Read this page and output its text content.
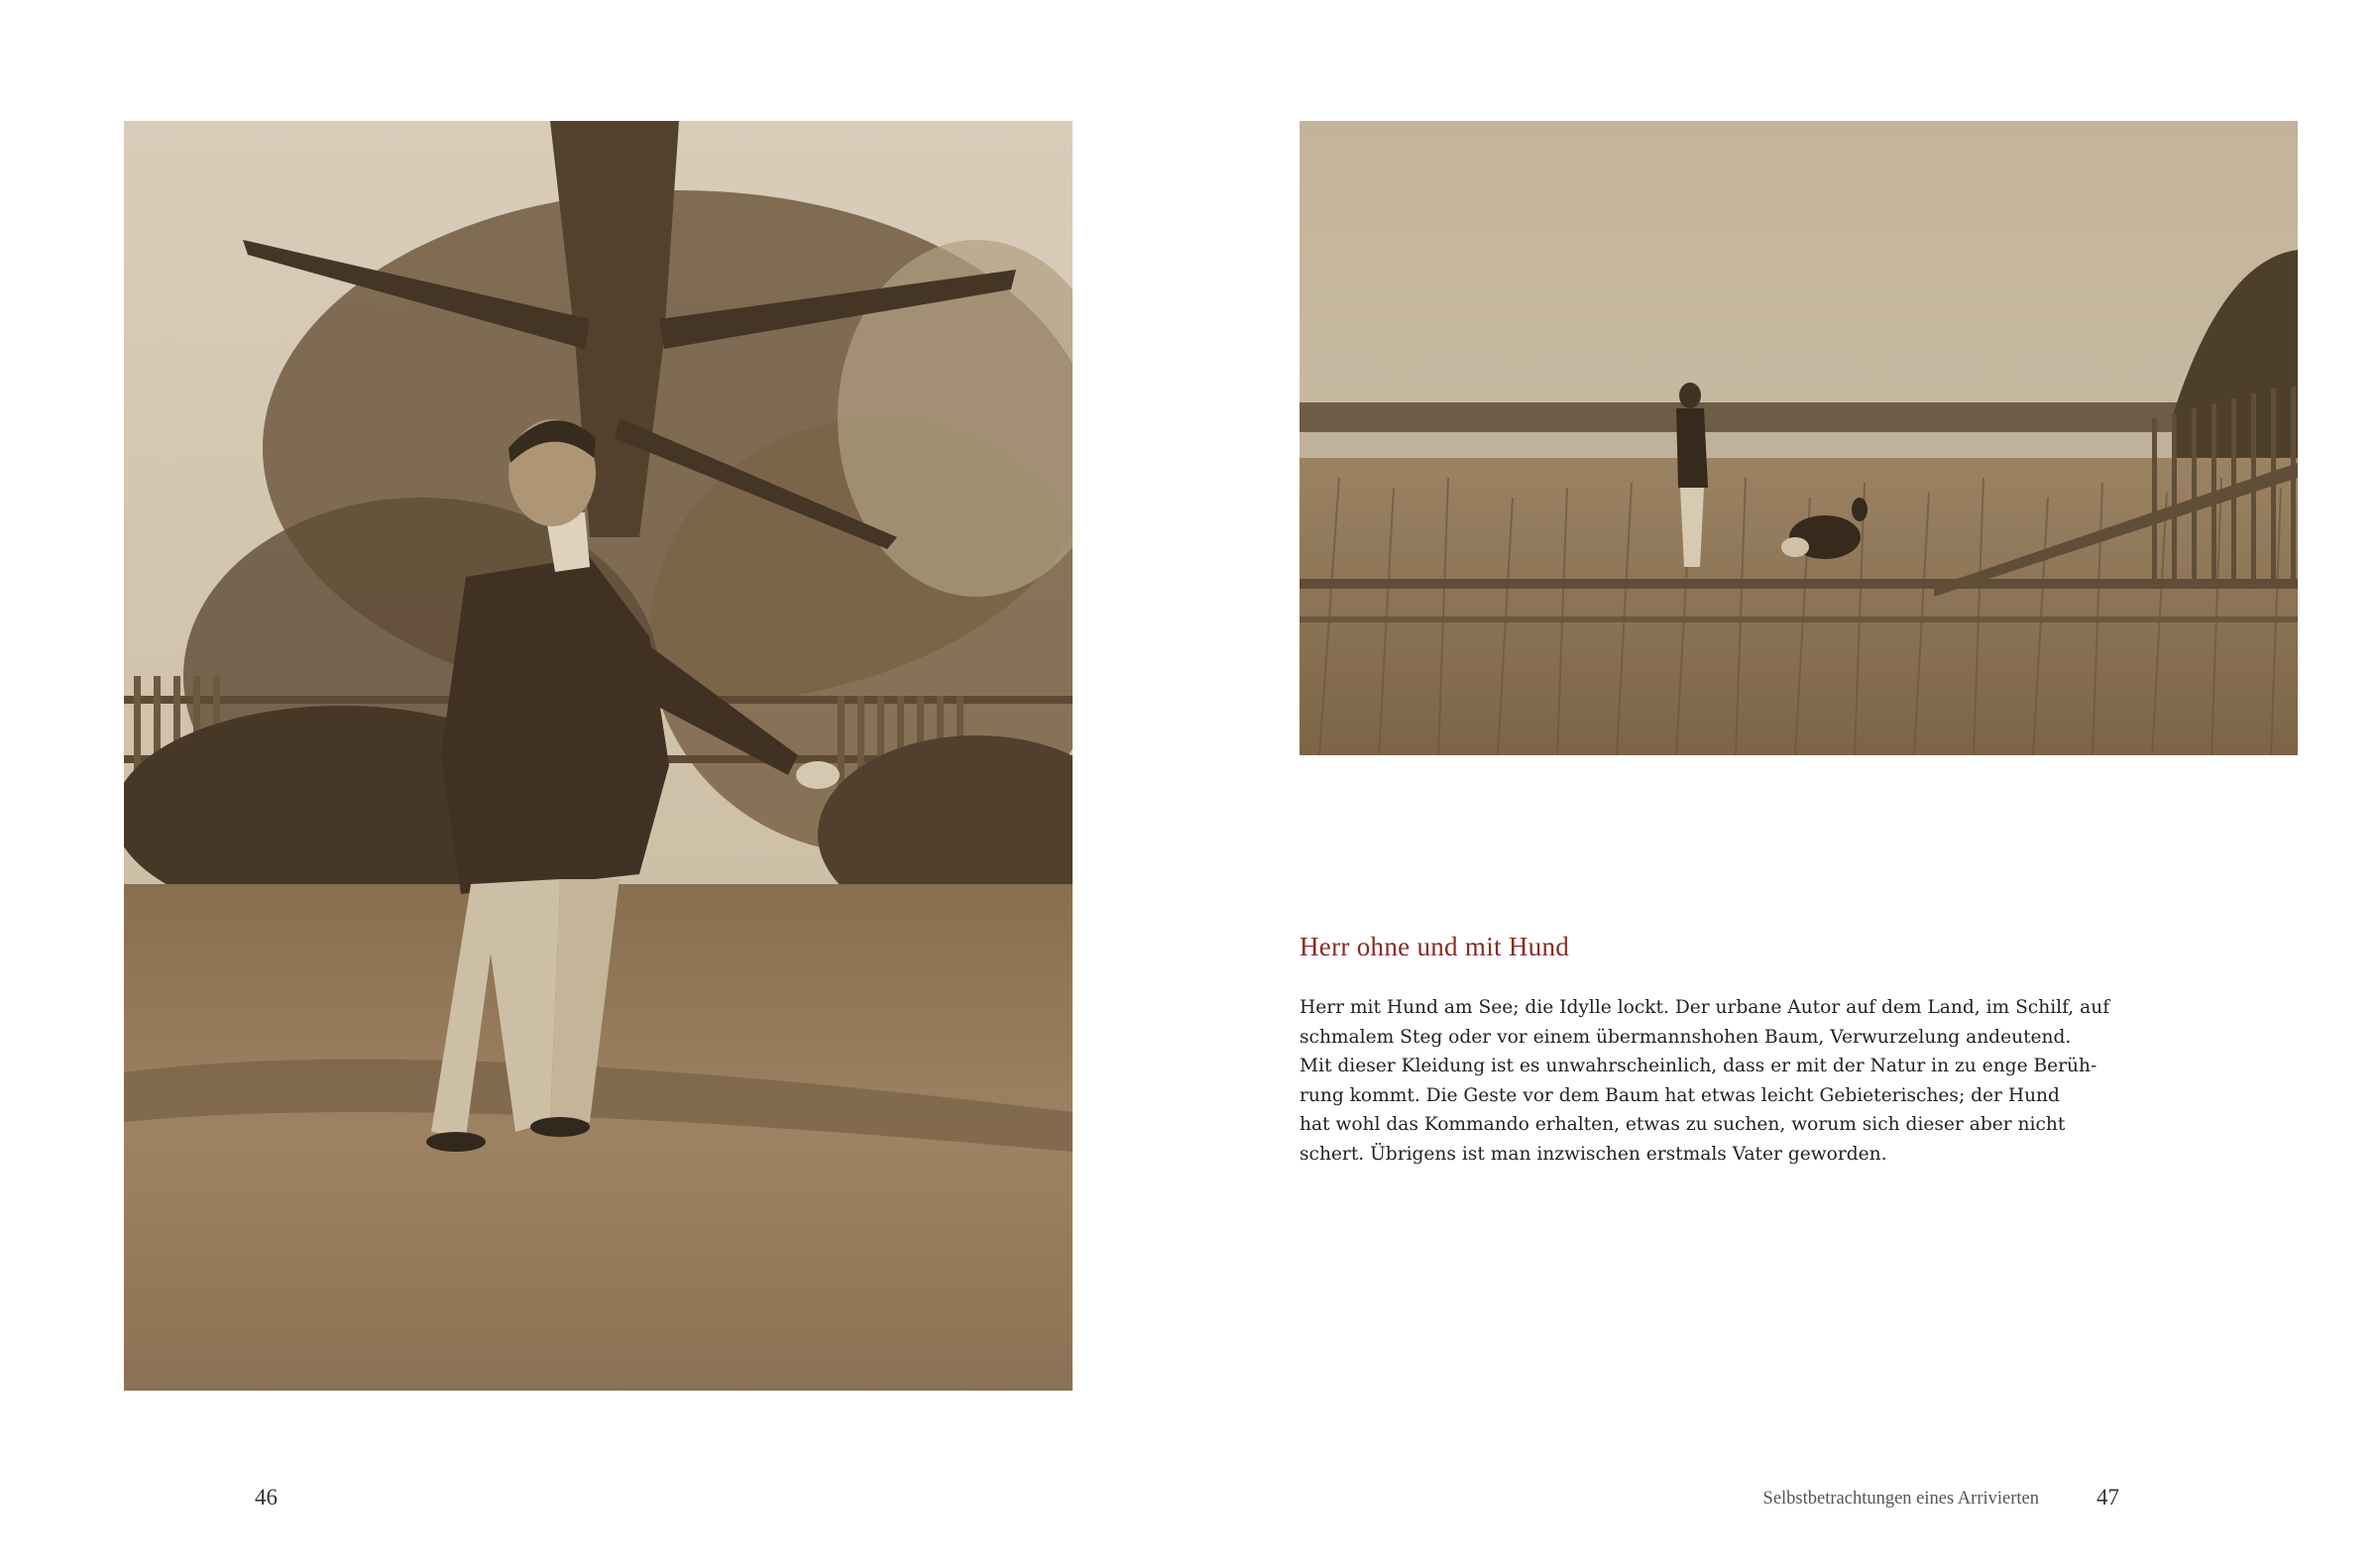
46
Herr ohne und mit Hund
Herr mit Hund am See; die Idylle lockt. Der urbane Autor auf dem Land, im Schilf, auf
schmalem Steg oder vor einem übermannshohen Baum, Verwurzelung andeutend.
Mit dieser Kleidung ist es unwahrscheinlich, dass er mit der Natur in zu enge Berüh-
rung kommt. Die Geste vor dem Baum hat etwas leicht Gebieterisches; der Hund
hat wohl das Kommando erhalten, etwas zu suchen, worum sich dieser aber nicht
schert. Übrigens ist man inzwischen erstmals Vater geworden.
Selbstbetrachtungen eines Arrivierten	47
